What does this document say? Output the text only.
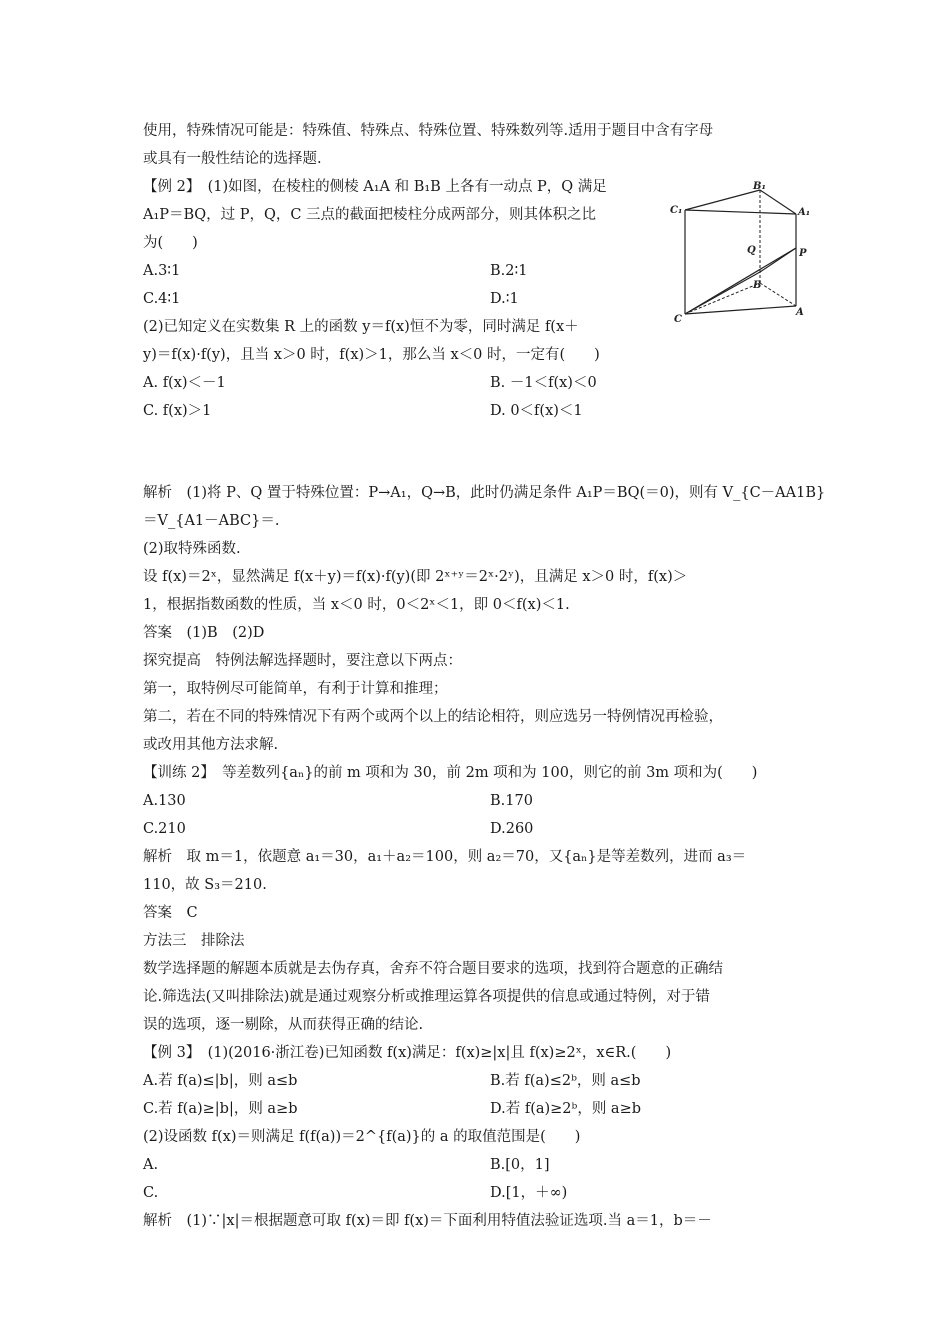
使用，特殊情况可能是：特殊值、特殊点、特殊位置、特殊数列等.适用于题目中含有字母
或具有一般性结论的选择题.
【例 2】　(1)如图，在棱柱的侧棱 A₁A 和 B₁B 上各有一动点 P，Q 满足
A₁P＝BQ，过 P，Q，C 三点的截面把棱柱分成两部分，则其体积之比
为(　　)
A.3∶1	B.2∶1
C.4∶1	D.∶1
B₁
C₁	A₁
Q	P
B
C
A
(2)已知定义在实数集 R 上的函数 y＝f(x)恒不为零，同时满足 f(x＋
y)＝f(x)·f(y)，且当 x＞0 时，f(x)＞1，那么当 x＜0 时，一定有(　　)
A. f(x)＜－1	B. －1＜f(x)＜0
C. f(x)＞1	D. 0＜f(x)＜1
解析　(1)将 P、Q 置于特殊位置：P→A₁，Q→B，此时仍满足条件 A₁P＝BQ(＝0)，则有 V_{C－AA1B}
＝V_{A1－ABC}＝.
(2)取特殊函数.
设 f(x)＝2ˣ，显然满足 f(x＋y)＝f(x)·f(y)(即 2ˣ⁺ʸ＝2ˣ·2ʸ)，且满足 x＞0 时，f(x)＞
1，根据指数函数的性质，当 x＜0 时，0＜2ˣ＜1，即 0＜f(x)＜1.
答案　(1)B　(2)D
探究提高　特例法解选择题时，要注意以下两点：
第一，取特例尽可能简单，有利于计算和推理；
第二，若在不同的特殊情况下有两个或两个以上的结论相符，则应选另一特例情况再检验，
或改用其他方法求解.
【训练 2】　等差数列{aₙ}的前 m 项和为 30，前 2m 项和为 100，则它的前 3m 项和为(　　)
A.130	B.170
C.210	D.260
解析　取 m＝1，依题意 a₁＝30，a₁＋a₂＝100，则 a₂＝70，又{aₙ}是等差数列，进而 a₃＝
110，故 S₃＝210.
答案　C
方法三　排除法
数学选择题的解题本质就是去伪存真，舍弃不符合题目要求的选项，找到符合题意的正确结
论.筛选法(又叫排除法)就是通过观察分析或推理运算各项提供的信息或通过特例，对于错
误的选项，逐一剔除，从而获得正确的结论.
【例 3】　(1)(2016·浙江卷)已知函数 f(x)满足：f(x)≥|x|且 f(x)≥2ˣ，x∈R.(　　)
A.若 f(a)≤|b|，则 a≤b	B.若 f(a)≤2ᵇ，则 a≤b
C.若 f(a)≥|b|，则 a≥b	D.若 f(a)≥2ᵇ，则 a≥b
(2)设函数 f(x)＝则满足 f(f(a))＝2^{f(a)}的 a 的取值范围是(　　)
A.	B.[0，1]
C.	D.[1，＋∞)
解析　(1)∵|x|＝根据题意可取 f(x)＝即 f(x)＝下面利用特值法验证选项.当 a＝1，b＝－
